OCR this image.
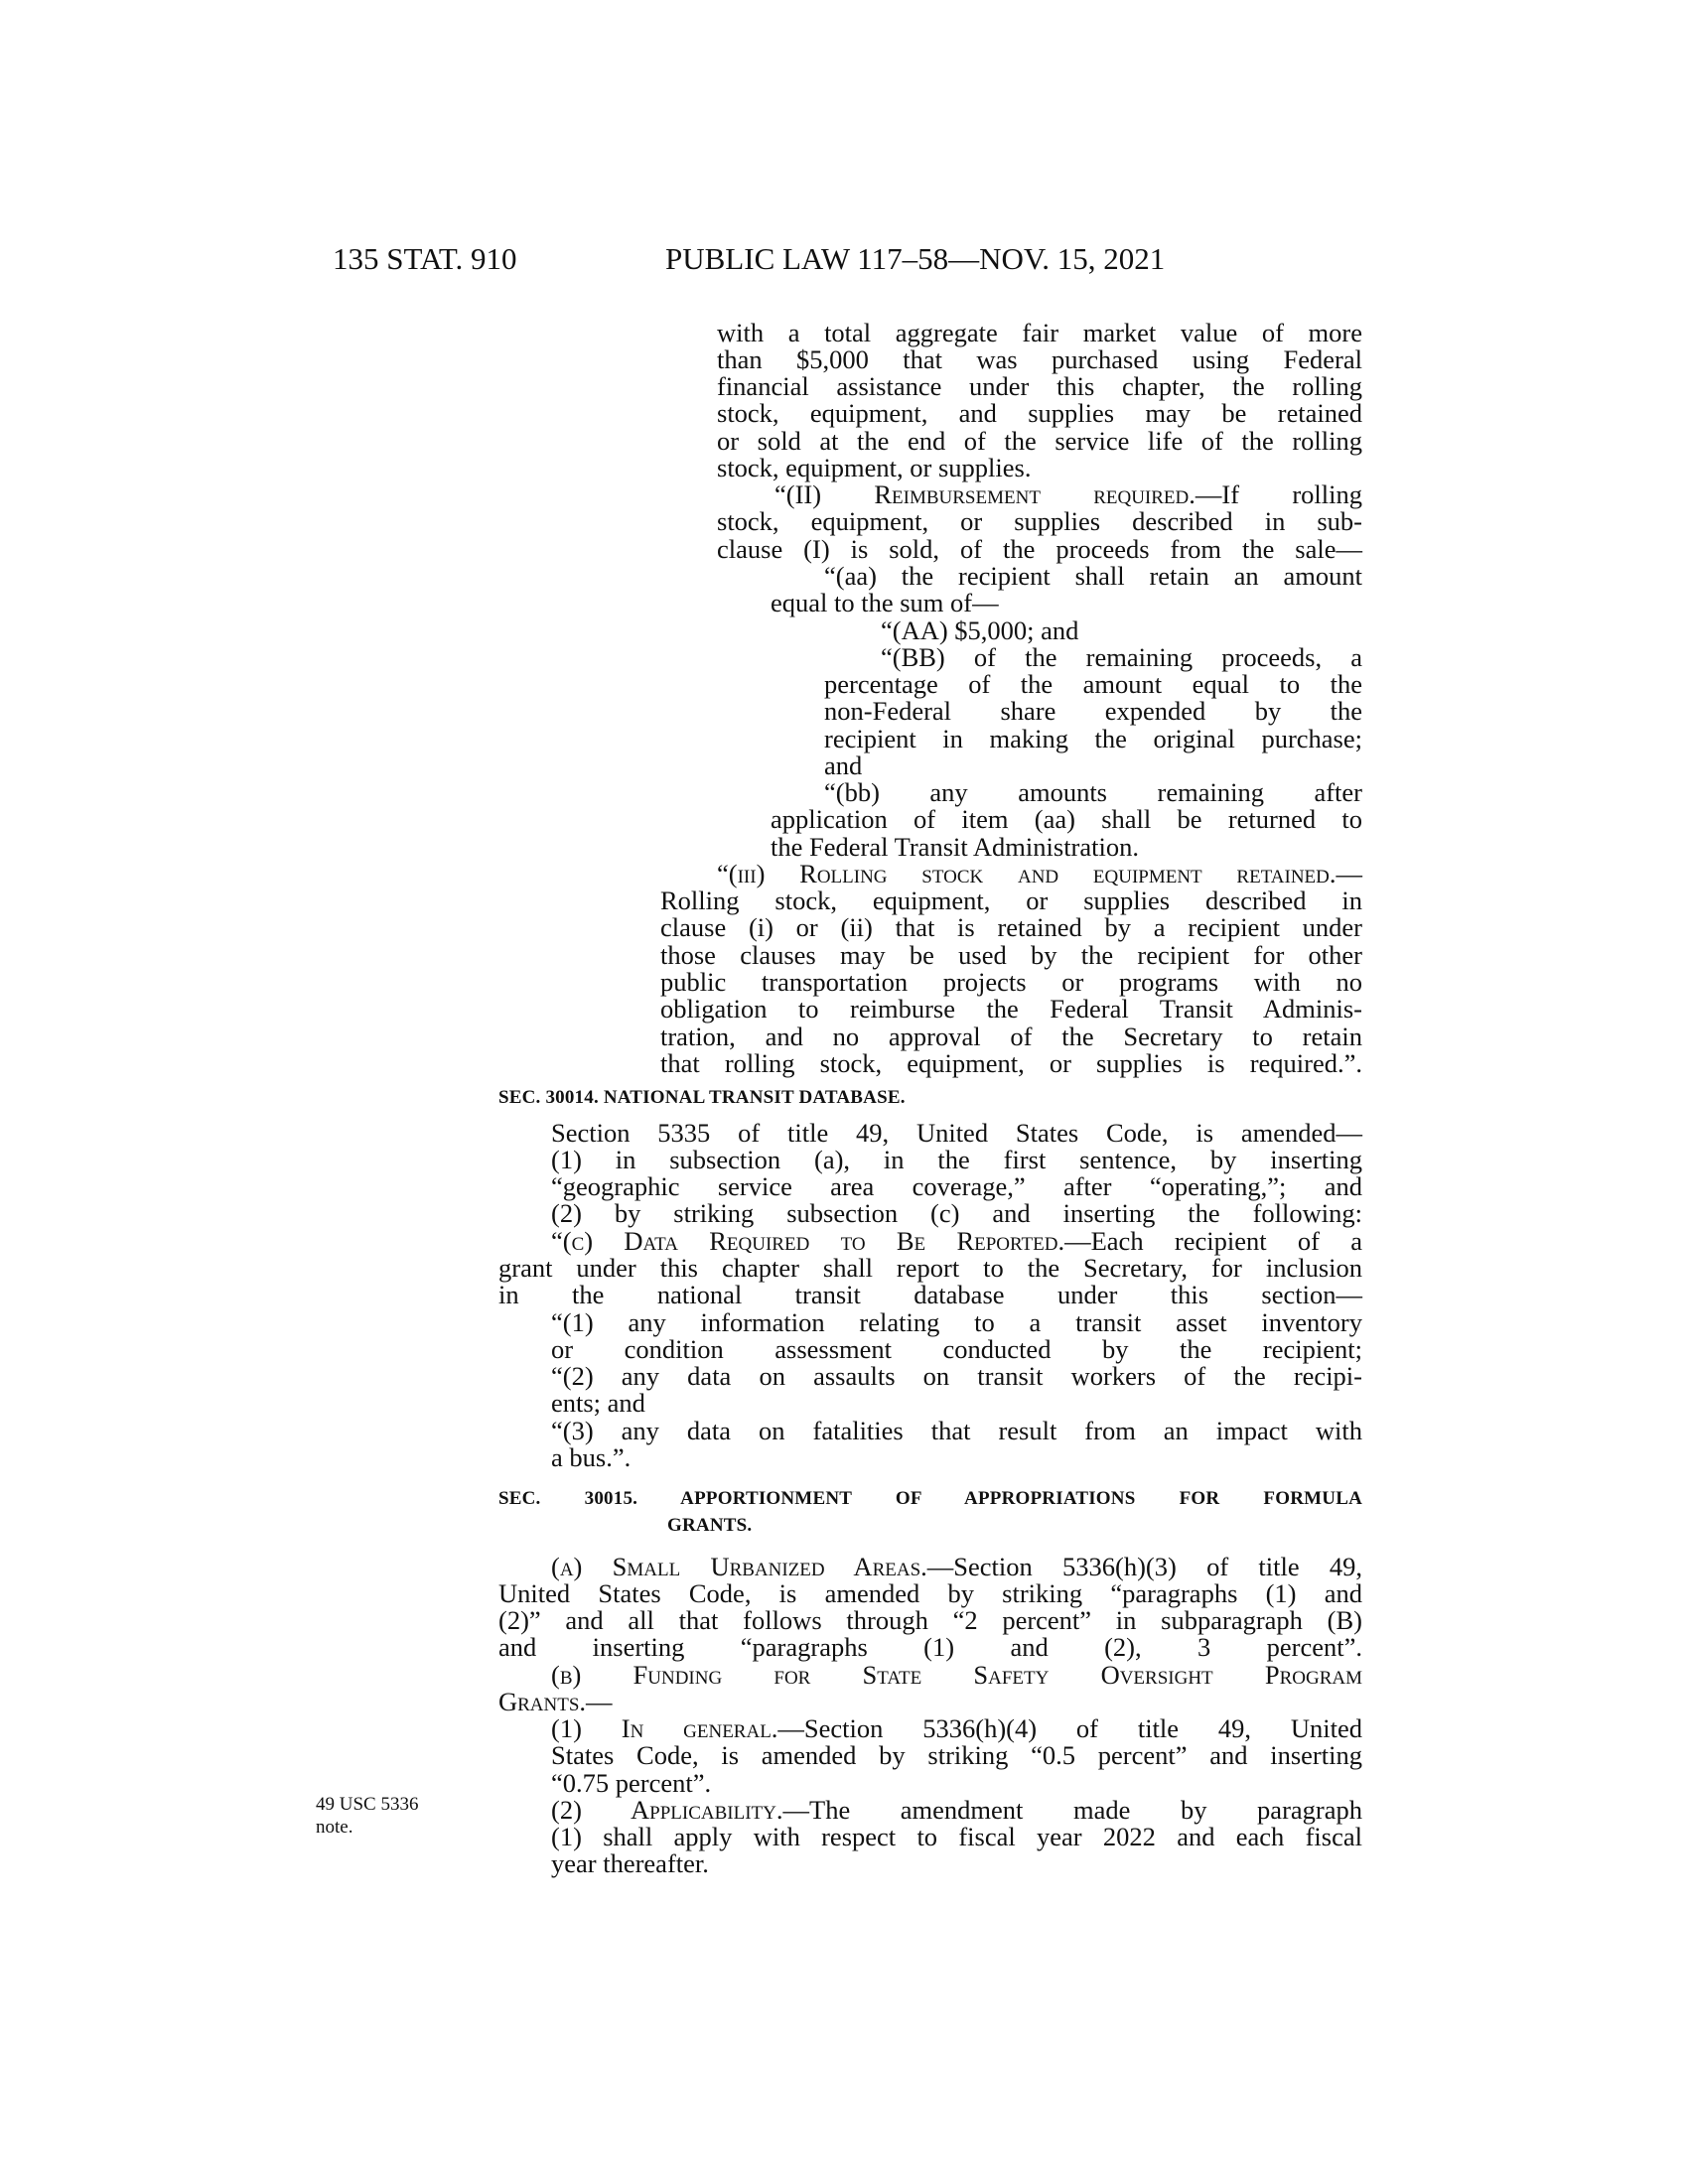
135 STAT. 910	PUBLIC LAW 117–58—NOV. 15, 2021
with a total aggregate fair market value of more
than $5,000 that was purchased using Federal
financial assistance under this chapter, the rolling
stock, equipment, and supplies may be retained
or sold at the end of the service life of the rolling
stock, equipment, or supplies.
“(II) Reimbursement required.—If rolling
stock, equipment, or supplies described in sub-
clause (I) is sold, of the proceeds from the sale—
“(aa) the recipient shall retain an amount
equal to the sum of—
“(AA) $5,000; and
“(BB) of the remaining proceeds, a
percentage of the amount equal to the
non-Federal share expended by the
recipient in making the original purchase;
and
“(bb) any amounts remaining after
application of item (aa) shall be returned to
the Federal Transit Administration.
“(iii) Rolling stock and equipment retained.—
Rolling stock, equipment, or supplies described in
clause (i) or (ii) that is retained by a recipient under
those clauses may be used by the recipient for other
public transportation projects or programs with no
obligation to reimburse the Federal Transit Adminis-
tration, and no approval of the Secretary to retain
that rolling stock, equipment, or supplies is required.”.
SEC. 30014. NATIONAL TRANSIT DATABASE.
Section 5335 of title 49, United States Code, is amended—
(1) in subsection (a), in the first sentence, by inserting
“geographic service area coverage,” after “operating,”; and
(2) by striking subsection (c) and inserting the following:
“(c) Data Required to Be Reported.—Each recipient of a
grant under this chapter shall report to the Secretary, for inclusion
in the national transit database under this section—
“(1) any information relating to a transit asset inventory
or condition assessment conducted by the recipient;
“(2) any data on assaults on transit workers of the recipi-
ents; and
“(3) any data on fatalities that result from an impact with
a bus.”.
SEC. 30015. APPORTIONMENT OF APPROPRIATIONS FOR FORMULA
GRANTS.
(a) Small Urbanized Areas.—Section 5336(h)(3) of title 49,
United States Code, is amended by striking “paragraphs (1) and
(2)” and all that follows through “2 percent” in subparagraph (B)
and inserting “paragraphs (1) and (2), 3 percent”.
(b) Funding for State Safety Oversight Program
Grants.—
(1) In general.—Section 5336(h)(4) of title 49, United
States Code, is amended by striking “0.5 percent” and inserting
“0.75 percent”.
(2) Applicability.—The amendment made by paragraph
(1) shall apply with respect to fiscal year 2022 and each fiscal
year thereafter.
49 USC 5336
note.
